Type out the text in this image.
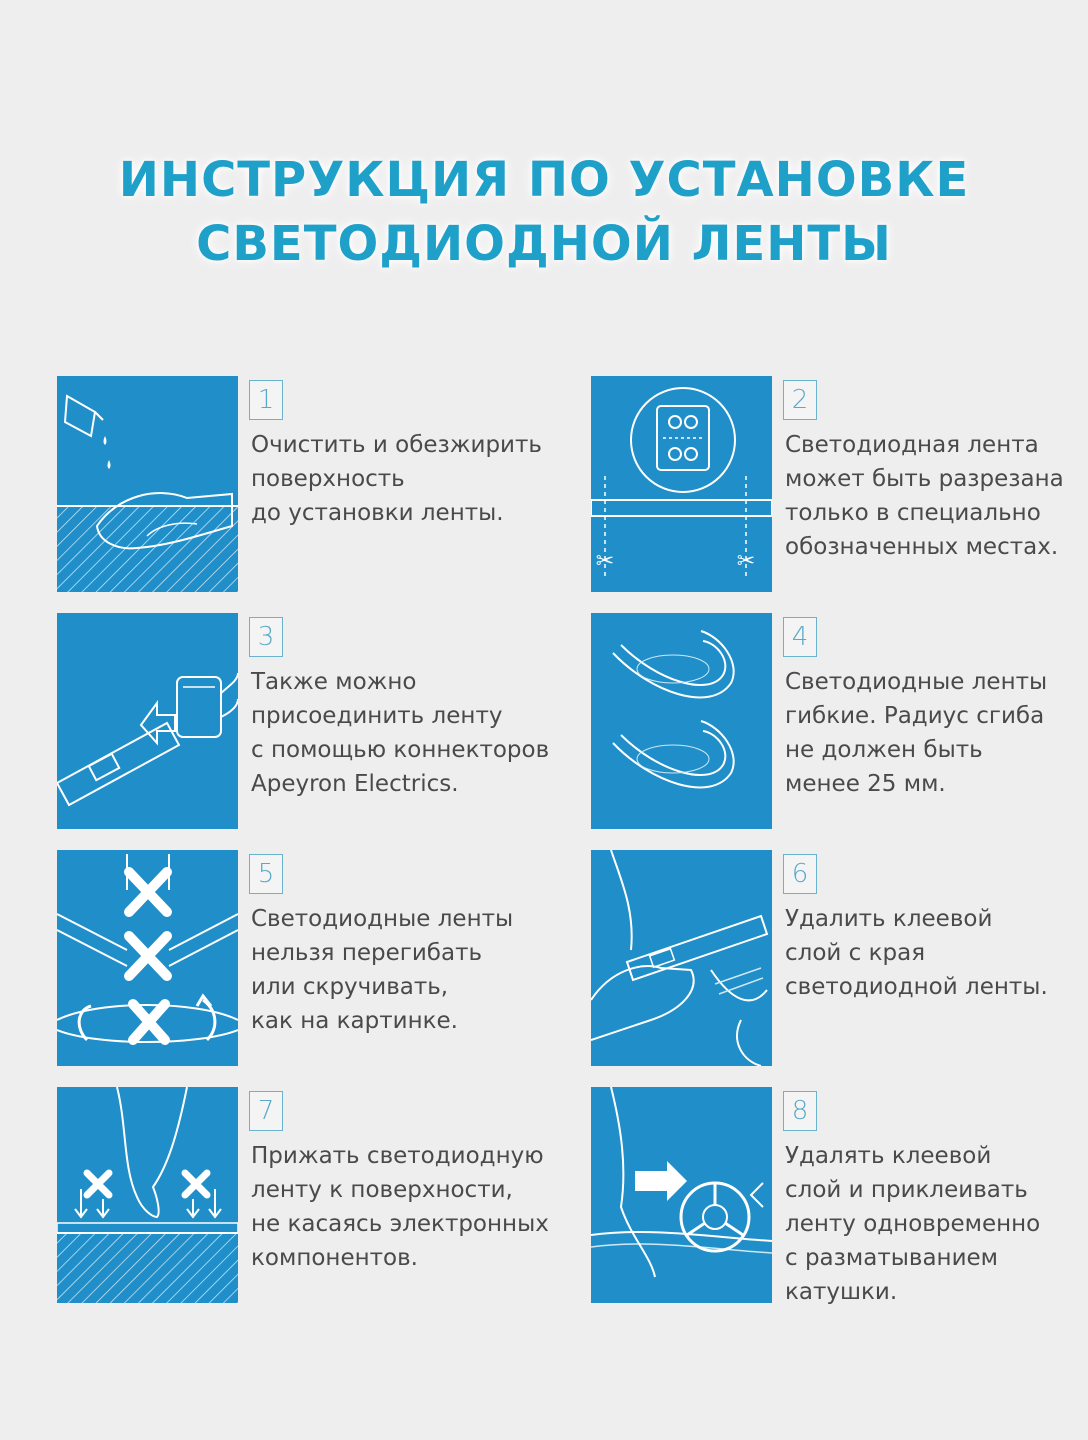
ИНСТРУКЦИЯ ПО УСТАНОВКЕ
СВЕТОДИОДНОЙ ЛЕНТЫ
1
Очистить и обезжирить
поверхность
до установки ленты.
✂	✂
2
Светодиодная лента
может быть разрезана
только в специально
обозначенных местах.
3
Также можно
присоединить ленту
с помощью коннекторов
Apeyron Electrics.
4
Светодиодные ленты
гибкие. Радиус сгиба
не должен быть
менее 25 мм.
5
Светодиодные ленты
нельзя перегибать
или скручивать,
как на картинке.
6
Удалить клеевой
слой с края
светодиодной ленты.
7
Прижать светодиодную
ленту к поверхности,
не касаясь электронных
компонентов.
8
Удалять клеевой
слой и приклеивать
ленту одновременно
с разматыванием
катушки.
